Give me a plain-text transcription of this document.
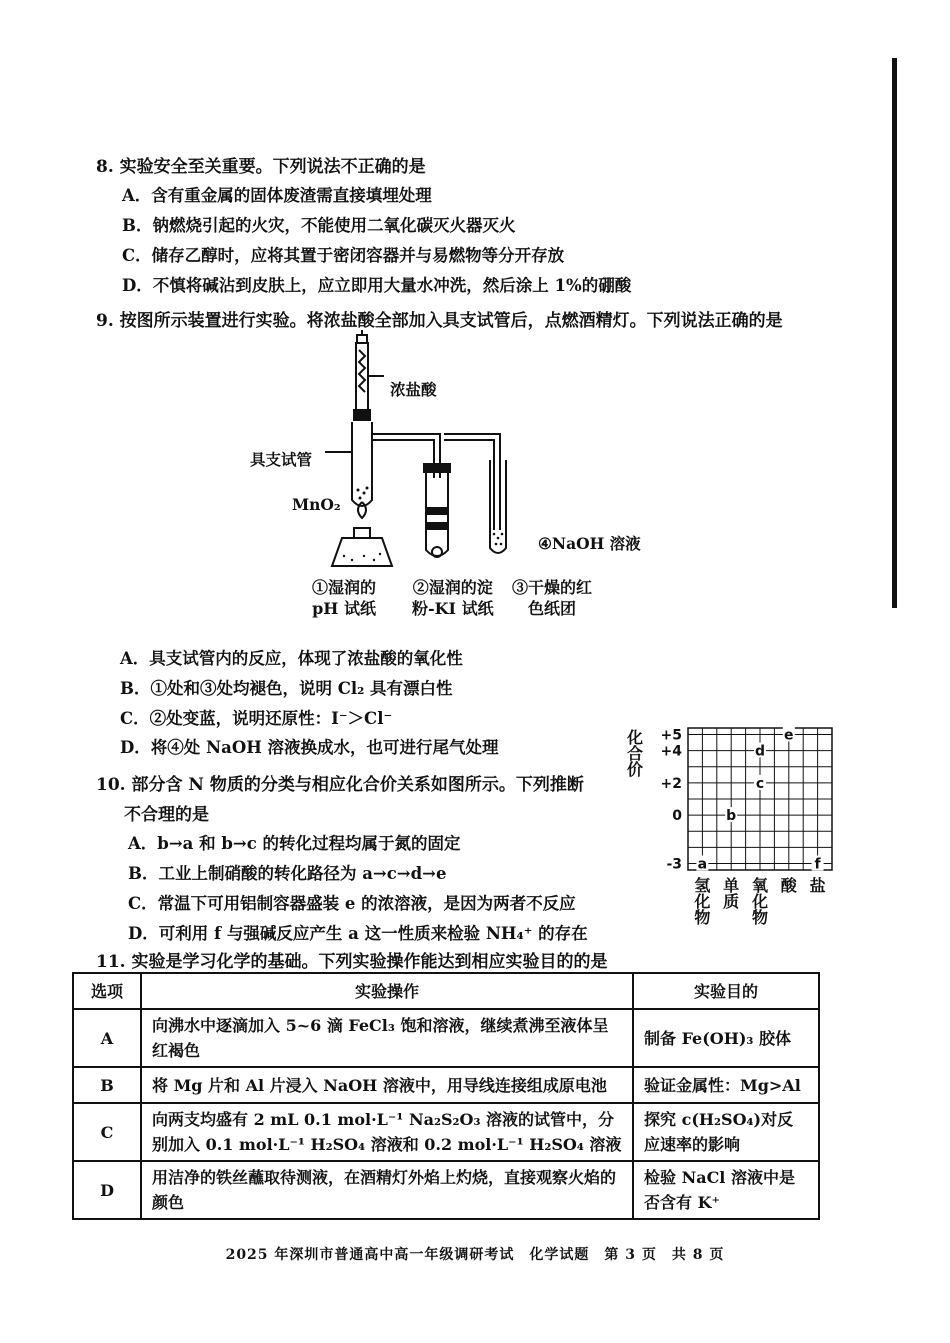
8. 实验安全至关重要。下列说法不正确的是
A．含有重金属的固体废渣需直接填埋处理
B．钠燃烧引起的火灾，不能使用二氧化碳灭火器灭火
C．储存乙醇时，应将其置于密闭容器并与易燃物等分开存放
D．不慎将碱沾到皮肤上，应立即用大量水冲洗，然后涂上 1%的硼酸
9. 按图所示装置进行实验。将浓盐酸全部加入具支试管后，点燃酒精灯。下列说法正确的是
浓盐酸
具支试管
MnO₂
④NaOH 溶液
①湿润的
pH 试纸
②湿润的淀
粉-KI 试纸
③干燥的红
色纸团
A．具支试管内的反应，体现了浓盐酸的氧化性
B．①处和③处均褪色，说明 Cl₂ 具有漂白性
C．②处变蓝，说明还原性：I⁻＞Cl⁻
D．将④处 NaOH 溶液换成水，也可进行尾气处理
10. 部分含 N 物质的分类与相应化合价关系如图所示。下列推断
不合理的是
A．b→a 和 b→c 的转化过程均属于氮的固定
B．工业上制硝酸的转化路径为 a→c→d→e
C．常温下可用铝制容器盛装 e 的浓溶液，是因为两者不反应
D．可利用 f 与强碱反应产生 a 这一性质来检验 NH₄⁺ 的存在
化
合
价
+5
+4
+2
0
-3 a
b
c
d
e
f
氢
化
物
单
质
氧
化
物
酸 盐
11. 实验是学习化学的基础。下列实验操作能达到相应实验目的的是
选项	实验操作	实验目的
A	向沸水中逐滴加入 5~6 滴 FeCl₃ 饱和溶液，继续煮沸至液体呈红褐色	制备 Fe(OH)₃ 胶体
B	将 Mg 片和 Al 片浸入 NaOH 溶液中，用导线连接组成原电池	验证金属性：Mg>Al
C	向两支均盛有 2 mL 0.1 mol·L⁻¹ Na₂S₂O₃ 溶液的试管中，分别加入 0.1 mol·L⁻¹ H₂SO₄ 溶液和 0.2 mol·L⁻¹ H₂SO₄ 溶液	探究 c(H₂SO₄)对反应速率的影响
D	用洁净的铁丝蘸取待测液，在酒精灯外焰上灼烧，直接观察火焰的颜色	检验 NaCl 溶液中是否含有 K⁺
2025 年深圳市普通高中高一年级调研考试　化学试题　第 3 页　共 8 页
